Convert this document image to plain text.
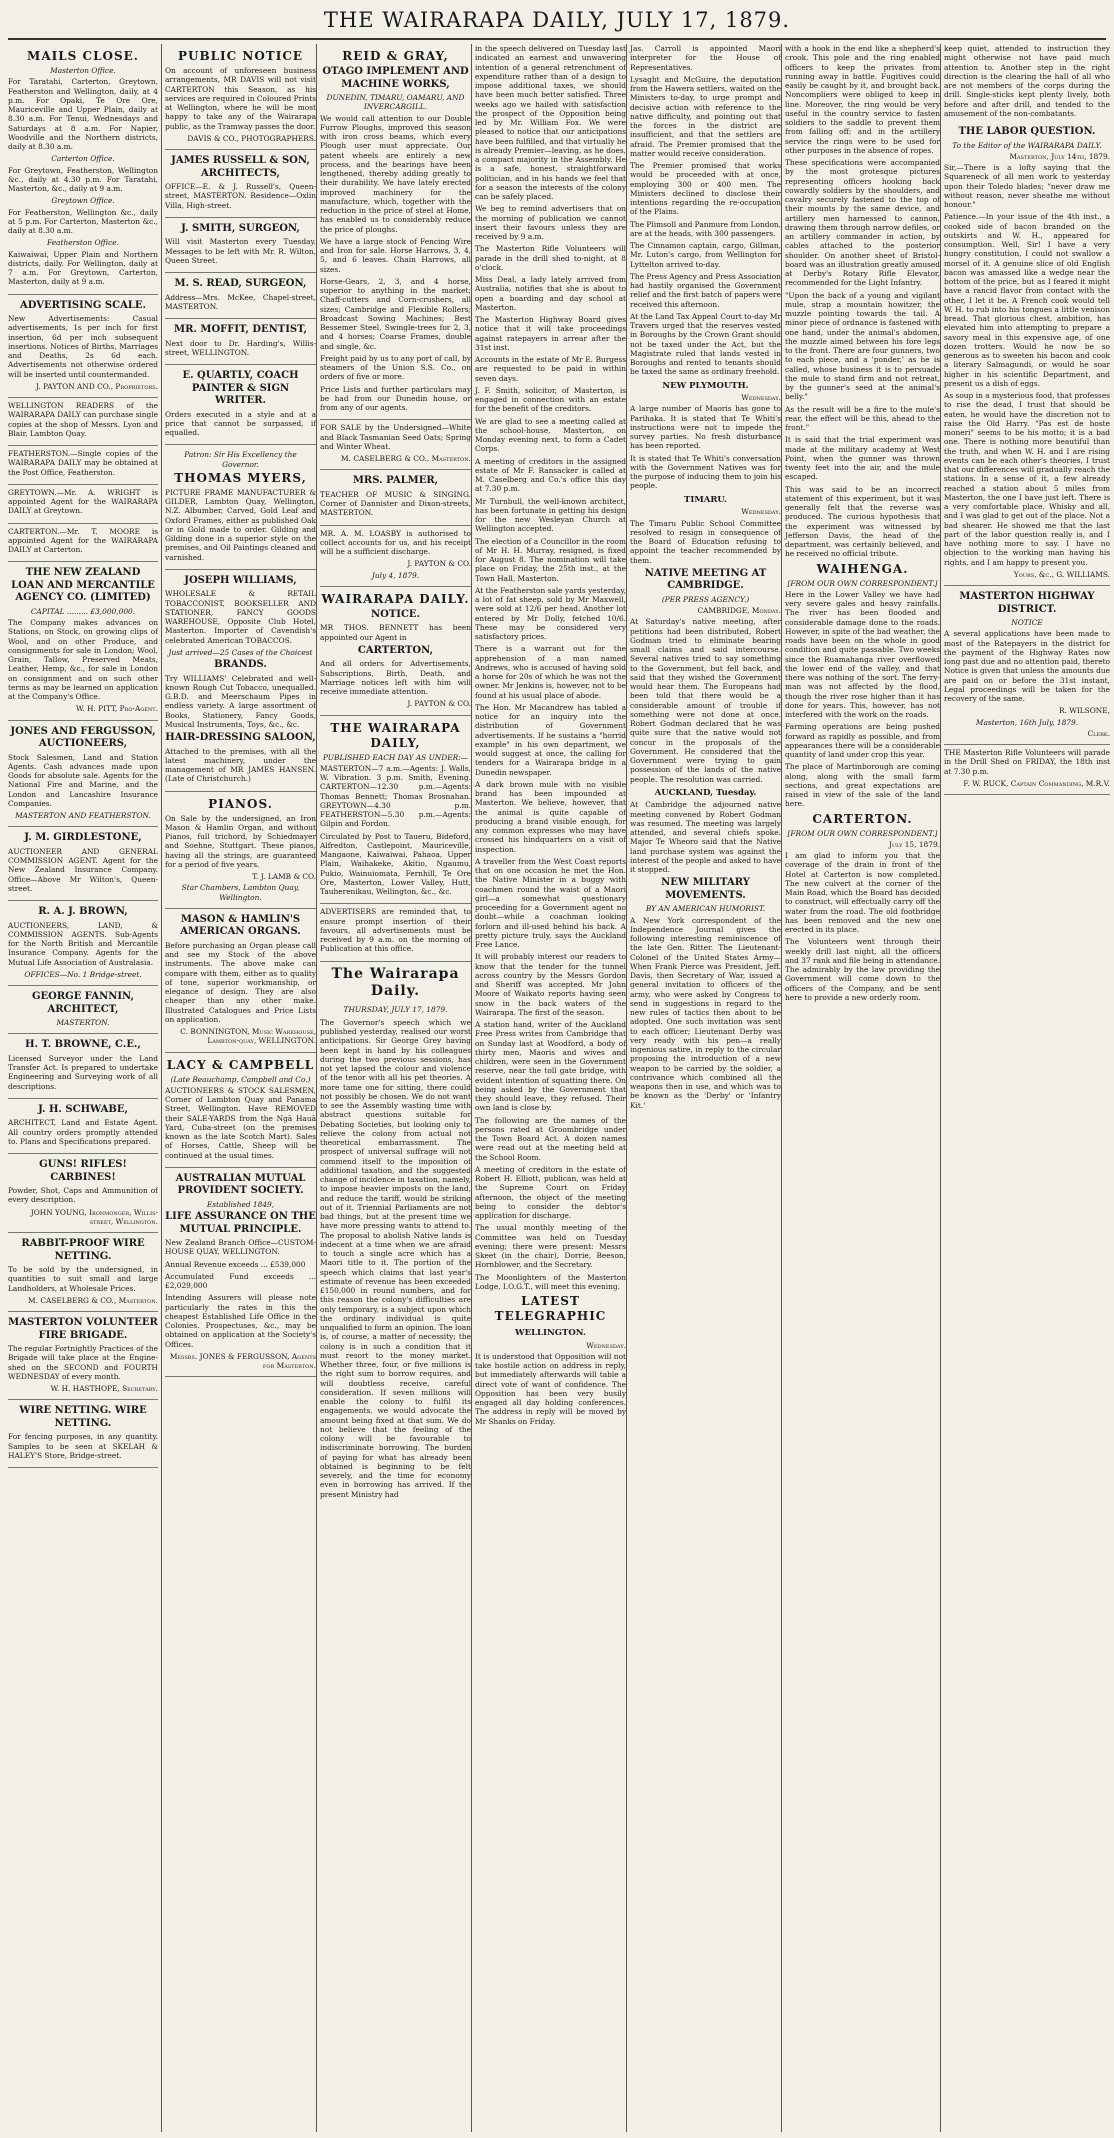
THE WAIRARAPA DAILY, JULY 17, 1879.
MAILS CLOSE.
Masterton Office.

For Taratahi, Carterton, Greytown, Featherston and Wellington, daily, at 4 p.m. For Opaki, Te Ore Ore, Mauriceville and Upper Plain, daily at 8.30 a.m. For Tenui, Wednesdays and Saturdays at 8 a.m. For Napier, Woodville and the Northern districts, daily at 8.30 a.m.

Carterton Office.

For Greytown, Featherston, Wellington &c., daily at 4.30 p.m. For Taratahi, Masterton, &c., daily at 9 a.m.

Greytown Office.

For Featherston, Wellington &c., daily at 5 p.m. For Carterton, Masterton &c., daily at 8.30 a.m.

Featherston Office.

Kaiwaiwai, Upper Plain and Northern districts, daily. For Wellington, daily at 7 a.m. For Greytown, Carterton, Masterton, daily at 9 a.m.

ADVERTISING SCALE.

New Advertisements: Casual advertisements, 1s per inch for first insertion, 6d per inch subsequent insertions. Notices of Births, Marriages and Deaths, 2s 6d each. Advertisements not otherwise ordered will be inserted until countermanded.

J. PAYTON AND CO., Proprietors.

WELLINGTON READERS of the WAIRARAPA DAILY can purchase single copies at the shop of Messrs. Lyon and Blair, Lambton Quay.

FEATHERSTON.—Single copies of the WAIRARAPA DAILY may be obtained at the Post Office, Featherston.

GREYTOWN.—Mr. A. WRIGHT is appointed Agent for the WAIRARAPA DAILY at Greytown.

CARTERTON.—Mr. T. MOORE is appointed Agent for the WAIRARAPA DAILY at Carterton.

THE NEW ZEALAND LOAN AND MERCANTILE AGENCY CO. (LIMITED)
CAPITAL ......... £3,000,000.

The Company makes advances on Stations, on Stock, on growing clips of Wool, and on other Produce, and consignments for sale in London; Wool, Grain, Tallow, Preserved Meats, Leather, Hemp, &c., for sale in London on consignment and on such other terms as may be learned on application at the Company's Office.

W. H. PITT, Pro-Agent.
JONES AND FERGUSSON, AUCTIONEERS,

Stock Salesmen, Land and Station Agents. Cash advances made upon Goods for absolute sale. Agents for the National Fire and Marine, and the London and Lancashire Insurance Companies.

MASTERTON AND FEATHERSTON.
J. M. GIRDLESTONE,

AUCTIONEER AND GENERAL COMMISSION AGENT. Agent for the New Zealand Insurance Company. Office—Above Mr Wilton's, Queen-street.

R. A. J. BROWN,

AUCTIONEERS, LAND, & COMMISSION AGENTS. Sub-Agents for the North British and Mercantile Insurance Company. Agents for the Mutual Life Association of Australasia.

OFFICES—No. 1 Bridge-street.
GEORGE FANNIN, ARCHITECT,
MASTERTON.
H. T. BROWNE, C.E.,

Licensed Surveyor under the Land Transfer Act. Is prepared to undertake Engineering and Surveying work of all descriptions.

J. H. SCHWABE,

ARCHITECT, Land and Estate Agent. All country orders promptly attended to. Plans and Specifications prepared.

GUNS! RIFLES! CARBINES!

Powder, Shot, Caps and Ammunition of every description.

JOHN YOUNG, Ironmonger, Willis-street, Wellington.
RABBIT-PROOF WIRE NETTING.

To be sold by the undersigned, in quantities to suit small and large Landholders, at Wholesale Prices.

M. CASELBERG & CO., Masterton.
MASTERTON VOLUNTEER FIRE BRIGADE.

The regular Fortnightly Practices of the Brigade will take place at the Engine-shed on the SECOND and FOURTH WEDNESDAY of every month.

W. H. HASTHOPE, Secretary.
WIRE NETTING. WIRE NETTING.

For fencing purposes, in any quantity. Samples to be seen at SKELAH & HALEY'S Store, Bridge-street.

PUBLIC NOTICE

On account of unforeseen business arrangements, MR DAVIS will not visit CARTERTON this Season, as his services are required in Coloured Prints at Wellington, where he will be most happy to take any of the Wairarapa public, as the Tramway passes the door.

DAVIS & CO., PHOTOGRAPHERS.
JAMES RUSSELL & SON, ARCHITECTS,

OFFICE—E. & J. Russell's, Queen-street, MASTERTON. Residence—Oxlin Villa, High-street.

J. SMITH, SURGEON,

Will visit Masterton every Tuesday. Messages to be left with Mr. R. Wilton, Queen Street.

M. S. READ, SURGEON,

Address—Mrs. McKee, Chapel-street, MASTERTON.

MR. MOFFIT, DENTIST,

Next door to Dr. Harding's, Willis-street, WELLINGTON.

E. QUARTLY, COACH PAINTER & SIGN WRITER.

Orders executed in a style and at a price that cannot be surpassed, if equalled.

Patron: Sir His Excellency the Governor.
THOMAS MYERS,

PICTURE FRAME MANUFACTURER & GILDER, Lambton Quay, Wellington, N.Z. Albumber, Carved, Gold Leaf and Oxford Frames, either as published Oak or in Gold made to order. Gilding and Gilding done in a superior style on the premises, and Oil Paintings cleaned and varnished.

JOSEPH WILLIAMS,

WHOLESALE & RETAIL TOBACCONIST, BOOKSELLER AND STATIONER, FANCY GOODS WAREHOUSE, Opposite Club Hotel, Masterton. Importer of Cavendish's celebrated American TOBACCOS.

Just arrived—25 Cases of the Choicest
BRANDS.

Try WILLIAMS' Celebrated and well-known Rough Cut Tobacco, unequalled. G.B.D. and Meerschaum Pipes in endless variety. A large assortment of Books, Stationery, Fancy Goods, Musical Instruments, Toys, &c., &c.

HAIR-DRESSING SALOON,

Attached to the premises, with all the latest machinery, under the management of MR JAMES HANSEN. (Late of Christchurch.)

PIANOS.

On Sale by the undersigned, an Iron Mason & Hamlin Organ, and without Pianos, full trichord, by Schiedmayer and Soehne, Stuttgart. These pianos, having all the strings, are guaranteed for a period of five years.

T. J. LAMB & CO.
Star Chambers, Lambton Quay, Wellington.
MASON & HAMLIN'S AMERICAN ORGANS.

Before purchasing an Organ please call and see my Stock of the above instruments. The above make can compare with them, either as to quality of tone, superior workmanship, or elegance of design. They are also cheaper than any other make. Illustrated Catalogues and Price Lists on application.

C. BONNINGTON, Music Warehouse, Lambton-quay, WELLINGTON.
LACY & CAMPBELL
(Late Beauchamp, Campbell and Co.)

AUCTIONEERS & STOCK SALESMEN, Corner of Lambton Quay and Panama Street, Wellington. Have REMOVED their SALE-YARDS from the Ngā Hauā Yard, Cuba-street (on the premises known as the late Scotch Mart). Sales of Horses, Cattle, Sheep will be continued at the usual times.

AUSTRALIAN MUTUAL PROVIDENT SOCIETY.
Established 1849,
LIFE ASSURANCE ON THE MUTUAL PRINCIPLE.

New Zealand Branch Office—CUSTOM-HOUSE QUAY, WELLINGTON.

Annual Revenue exceeds ... £539,000

Accumulated Fund exceeds ... £2,029,000

Intending Assurers will please note particularly the rates in this the cheapest Established Life Office in the Colonies. Prospectuses, &c., may be obtained on application at the Society's Offices.

Messrs. JONES & FERGUSSON, Agents for Masterton.
REID & GRAY,
OTAGO IMPLEMENT AND MACHINE WORKS,
DUNEDIN, TIMARU, OAMARU, AND INVERCARGILL.

We would call attention to our Double Furrow Ploughs, improved this season with iron cross beams, which every Plough user must appreciate. Our patent wheels are entirely a new process, and the bearings have been lengthened, thereby adding greatly to their durability. We have lately erected improved machinery for the manufacture, which, together with the reduction in the price of steel at Home, has enabled us to considerably reduce the price of ploughs.

We have a large stock of Fencing Wire and Iron for sale. Horse Harrows, 3, 4, 5, and 6 leaves. Chain Harrows, all sizes.

Horse-Gears, 2, 3, and 4 horse, superior to anything in the market; Chaff-cutters and Corn-crushers, all sizes; Cambridge and Flexible Rollers; Broadcast Sowing Machines; Best Bessemer Steel, Swingle-trees for 2, 3, and 4 horses; Coarse Frames, double and single, &c.

Freight paid by us to any port of call, by steamers of the Union S.S. Co., on orders of five or more.

Price Lists and further particulars may be had from our Dunedin house, or from any of our agents.

FOR SALE by the Undersigned—White and Black Tasmanian Seed Oats; Spring and Winter Wheat.

M. CASELBERG & CO., Masterton.
MRS. PALMER,

TEACHER OF MUSIC & SINGING. Corner of Dannister and Dixon-streets, MASTERTON.

MR. A. M. LOASBY is authorised to collect accounts for us, and his receipt will be a sufficient discharge.

J. PAYTON & CO.
July 4, 1879.
WAIRARAPA DAILY.
NOTICE.

MR THOS. BENNETT has been appointed our Agent in

CARTERTON,

And all orders for Advertisements, Subscriptions, Birth, Death, and Marriage notices left with him will receive immediate attention.

J. PAYTON & CO.
THE WAIRARAPA DAILY,
PUBLISHED EACH DAY AS UNDER:—

MASTERTON—7 a.m.—Agents: J. Walls, W. Vibration. 3 p.m. Smith, Evening. CARTERTON—12.30 p.m.—Agents: Thomas Bennett; Thomas Brosnahan. GREYTOWN—4.30 p.m. FEATHERSTON—5.30 p.m.—Agents: Gilpin and Fordon.

Circulated by Post to Taueru, Bideford, Alfredton, Castlepoint, Mauriceville, Mangaone, Kaiwaiwai, Pahaoa, Upper Plain, Waihakeke, Akitio, Ngaumu, Pukio, Wainuiomata, Fernhill, Te Ore Ore, Masterton, Lower Valley, Hutt, Tauherenikau, Wellington, &c., &c.

ADVERTISERS are reminded that, to ensure prompt insertion of their favours, all advertisements must be received by 9 a.m. on the morning of Publication at this office.

The Wairarapa Daily.
THURSDAY, JULY 17, 1879.

The Governor's speech which we published yesterday, realised our worst anticipations. Sir George Grey having been kept in hand by his colleagues during the two previous sessions, has not yet lapsed the colour and violence of the tenor with all his pet theories. A more tame one for sitting, there could not possibly be chosen. We do not want to see the Assembly wasting time with abstract questions suitable for Debating Societies, but looking only to relieve the colony from actual not theoretical embarrassment. The prospect of universal suffrage will not commend itself to the imposition of additional taxation, and the suggested change of incidence in taxation, namely, to impose heavier imposts on the land, and reduce the tariff, would be striking out of it. Triennial Parliaments are not bad things, but at the present time we have more pressing wants to attend to. The proposal to abolish Native lands is indecent at a time when we are afraid to touch a single acre which has a Maori title to it. The portion of the speech which claims that last year's estimate of revenue has been exceeded £150,000 in round numbers, and for this reason the colony's difficulties are only temporary, is a subject upon which the ordinary individual is quite unqualified to form an opinion. The loan is, of course, a matter of necessity; the colony is in such a condition that it must resort to the money market. Whether three, four, or five millions is the right sum to borrow requires, and will doubtless receive, careful consideration. If seven millions will enable the colony to fulfil its engagements, we would advocate the amount being fixed at that sum. We do not believe that the feeling of the colony will be favourable to indiscriminate borrowing. The burden of paying for what has already been obtained is beginning to be felt severely, and the time for economy even in borrowing has arrived. If the present Ministry had

in the speech delivered on Tuesday last indicated an earnest and unwavering intention of a general retrenchment of expenditure rather than of a design to impose additional taxes, we should have been much better satisfied. Three weeks ago we hailed with satisfaction the prospect of the Opposition being led by Mr. William Fox. We were pleased to notice that our anticipations have been fulfilled, and that virtually he is already Premier—leaving, as he does, a compact majority in the Assembly. He is a safe, honest, straightforward politician, and in his hands we feel that for a season the interests of the colony can be safely placed.

We beg to remind advertisers that on the morning of publication we cannot insert their favours unless they are received by 9 a.m.

The Masterton Rifle Volunteers will parade in the drill shed to-night, at 8 o'clock.

Miss Deal, a lady lately arrived from Australia, notifies that she is about to open a boarding and day school at Masterton.

The Masterton Highway Board gives notice that it will take proceedings against ratepayers in arrear after the 31st inst.

Accounts in the estate of Mr E. Burgess are requested to be paid in within seven days.

J. F. Smith, solicitor, of Masterton, is engaged in connection with an estate for the benefit of the creditors.

We are glad to see a meeting called at the school-house, Masterton, on Monday evening next, to form a Cadet Corps.

A meeting of creditors in the assigned estate of Mr F. Ransacker is called at M. Caselberg and Co.'s office this day at 7.30 p.m.

Mr Turnbull, the well-known architect, has been fortunate in getting his design for the new Wesleyan Church at Wellington accepted.

The election of a Councillor in the room of Mr H. H. Murray, resigned, is fixed for August 8. The nomination will take place on Friday, the 25th inst., at the Town Hall, Masterton.

At the Featherston sale yards yesterday, a lot of fat sheep, sold by Mr Maxwell, were sold at 12/6 per head. Another lot entered by Mr Dolly, fetched 10/6. These may be considered very satisfactory prices.

There is a warrant out for the apprehension of a man named Andrews, who is accused of having sold a horse for 20s of which he was not the owner. Mr Jenkins is, however, not to be found at his usual place of abode.

The Hon. Mr Macandrew has tabled a notice for an inquiry into the distribution of Government advertisements. If he sustains a "horrid example" in his own department, we would suggest at once, the calling for tenders for a Wairarapa bridge in a Dunedin newspaper.

A dark brown mule with no visible brand has been impounded at Masterton. We believe, however, that the animal is quite capable of producing a brand visible enough, for any common expresses who may have crossed his hindquarters on a visit of inspection.

A traveller from the West Coast reports that on one occasion he met the Hon. the Native Minister in a buggy with coachmen round the waist of a Maori girl—a somewhat questionary proceeding for a Government agent no doubt—while a coachman looking forlorn and ill-used behind his back. A pretty picture truly, says the Auckland Free Lance.

It will probably interest our readers to know that the tender for the tunnel across country by the Messrs Gordon and Sheriff was accepted. Mr John Moore of Waikato reports having seen snow in the back waters of the Wairarapa. The first of the season.

A station hand, writer of the Auckland Free Press writes from Cambridge that on Sunday last at Woodford, a body of thirty men, Maoris and wives and children, were seen in the Government reserve, near the toll gate bridge, with evident intention of squatting there. On being asked by the Government that they should leave, they refused. Their own land is close by.

The following are the names of the persons rated at Groombridge under the Town Board Act. A dozen names were read out at the meeting held at the School Room.

A meeting of creditors in the estate of Robert H. Elliott, publican, was held at the Supreme Court on Friday afternoon, the object of the meeting being to consider the debtor's application for discharge.

The usual monthly meeting of the Committee was held on Tuesday evening; there were present: Messrs Skeet (in the chair), Dorrie, Beeson, Hornblower, and the Secretary.

The Moonlighters of the Masterton Lodge, I.O.G.T., will meet this evening.

LATEST TELEGRAPHIC
WELLINGTON.
Wednesday.

It is understood that Opposition will not take hostile action on address in reply, but immediately afterwards will table a direct vote of want of confidence. The Opposition has been very busily engaged all day holding conferences. The address in reply will be moved by Mr Shanks on Friday.

Jas. Carroll is appointed Maori interpreter for the House of Representatives.

Lysaght and McGuire, the deputation from the Hawera settlers, waited on the Ministers to-day, to urge prompt and decisive action with reference to the native difficulty, and pointing out that the forces in the district are insufficient, and that the settlers are afraid. The Premier promised that the matter would receive consideration.

The Premier promised that works would be proceeded with at once, employing 300 or 400 men. The Ministers declined to disclose their intentions regarding the re-occupation of the Plains.

The Plimsoll and Panmure from London, are at the heads, with 300 passengers.

The Cinnamon captain, cargo, Gillman, Mr. Luton's cargo, from Wellington for Lyttelton arrived to-day.

The Press Agency and Press Association had hastily organised the Government relief and the first batch of papers were received this afternoon.

At the Land Tax Appeal Court to-day Mr Travers urged that the reserves vested in Boroughs by the Crown Grant should not be taxed under the Act, but the Magistrate ruled that lands vested in Boroughs and rented to tenants should be taxed the same as ordinary freehold.

NEW PLYMOUTH.
Wednesday.

A large number of Maoris has gone to Parihaka. It is stated that Te Whiti's instructions were not to impede the survey parties. No fresh disturbance has been reported.

It is stated that Te Whiti's conversation with the Government Natives was for the purpose of inducing them to join his people.

TIMARU.
Wednesday.

The Timaru Public School Committee resolved to resign in consequence of the Board of Education refusing to appoint the teacher recommended by them.

NATIVE MEETING AT CAMBRIDGE.
(PER PRESS AGENCY.)
CAMBRIDGE, Monday.

At Saturday's native meeting, after petitions had been distributed, Robert Godman tried to eliminate bearing small claims and said intercourse. Several natives tried to say something to the Government, but fell back, and said that they wished the Government would hear them. The Europeans had been told that there would be a considerable amount of trouble if something were not done at once. Robert Godman declared that he was quite sure that the native would not concur in the proposals of the Government. He considered that the Government were trying to gain possession of the lands of the native people. The resolution was carried.

AUCKLAND, Tuesday.

At Cambridge the adjourned native meeting convened by Robert Godman was resumed. The meeting was largely attended, and several chiefs spoke. Major Te Wheoro said that the Native land purchase system was against the interest of the people and asked to have it stopped.

NEW MILITARY MOVEMENTS.
BY AN AMERICAN HUMORIST.

A New York correspondent of the Independence Journal gives the following interesting reminiscence of the late Gen. Ritter. The Lieutenant-Colonel of the United States Army—When Frank Pierce was President, Jeff. Davis, then Secretary of War, issued a general invitation to officers of the army, who were asked by Congress to send in suggestions in regard to the new rules of tactics then about to be adopted. One such invitation was sent to each officer; Lieutenant Derby was very ready with his pen—a really ingenious satire, in reply to the circular proposing the introduction of a new weapon to be carried by the soldier, a contrivance which combined all the weapons then in use, and which was to be known as the 'Derby' or 'Infantry Kit.'

with a hook in the end like a shepherd's crook. This pole and the ring enabled officers to keep the privates from running away in battle. Fugitives could easily be caught by it, and brought back. Noncompliers were obliged to keep in line. Moreover, the ring would be very useful in the country service to fasten soldiers to the saddle to prevent them from falling off; and in the artillery service the rings were to be used for other purposes in the absence of ropes.

These specifications were accompanied by the most grotesque pictures representing officers hooking back cowardly soldiers by the shoulders, and cavalry securely fastened to the top of their mounts by the same device, and artillery men harnessed to cannon, drawing them through narrow defiles, or an artillery commander in action, by cables attached to the posterior shoulder. On another sheet of Bristol-board was an illustration greatly amused at Derby's Rotary Rifle Elevator, recommended for the Light Infantry.

"Upon the back of a young and vigilant mule, strap a mountain howitzer, the muzzle pointing towards the tail. A minor piece of ordnance is fastened with one hand, under the animal's abdomen, the muzzle aimed between his fore legs to the front. There are four gunners, two to each piece, and a 'ponder,' as he is called, whose business it is to persuade the mule to stand firm and not retreat, by the gunner's seed at the animal's belly."

As the result will be a fire to the mule's rear, the effect will be this, ahead to the front."

It is said that the trial experiment was made at the military academy at West Point, when the gunner was thrown twenty feet into the air, and the mule escaped.

This was said to be an incorrect statement of this experiment, but it was generally felt that the reverse was produced. The curious hypothesis that the experiment was witnessed by Jefferson Davis, the head of the department, was certainly believed, and he received no official tribute.

WAIHENGA.
[FROM OUR OWN CORRESPONDENT.]

Here in the Lower Valley we have had very severe gales and heavy rainfalls. The river has been flooded and considerable damage done to the roads. However, in spite of the bad weather, the roads have been on the whole in good condition and quite passable. Two weeks since the Ruamahanga river overflowed the lower end of the valley, and that there was nothing of the sort. The ferry-man was not affected by the flood, though the river rose higher than it has done for years. This, however, has not interfered with the work on the roads.

Farming operations are being pushed forward as rapidly as possible, and from appearances there will be a considerable quantity of land under crop this year.

The place of Martinborough are coming along, along with the small farm sections, and great expectations are raised in view of the sale of the land here.

CARTERTON.
[FROM OUR OWN CORRESPONDENT.]
July 15, 1879.

I am glad to inform you that the coverage of the drain in front of the Hotel at Carterton is now completed. The new culvert at the corner of the Main Road, which the Board has decided to construct, will effectually carry off the water from the road. The old footbridge has been removed and the new one erected in its place.

The Volunteers went through their weekly drill last night, all the officers and 37 rank and file being in attendance. The admirably by the law providing the Government will come down to the officers of the Company, and be sent here to provide a new orderly room.

keep quiet, attended to instruction they might otherwise not have paid much attention to. Another step in the right direction is the clearing the hall of all who are not members of the corps during the drill. Single-sticks kept plenty lively, both before and after drill, and tended to the amusement of the non-combatants.

THE LABOR QUESTION.
To the Editor of the WAIRARAPA DAILY.
Masterton, July 14th, 1879.

Sir,—There is a lofty saying that the Squareneck of all men work to yesterday upon their Toledo blades; "never draw me without reason, never sheathe me without honour."

Patience.—In your issue of the 4th inst., a cooked side of bacon branded on the outskirts and W. H., appeared for consumption. Well, Sir! I have a very hungry constitution, I could not swallow a morsel of it. A genuine slice of old English bacon was amassed like a wedge near the bottom of the price, but as I feared it might have a rancid flavor from contact with the other, I let it be. A French cook would tell W. H. to rub into his tongues a little venison bread. That glorious chest, ambition, has elevated him into attempting to prepare a savory meal in this expensive age, of one dozen trotters. Would he now be so generous as to sweeten his bacon and cook a literary Salmagundi, or would he soar higher in his scientific Department, and present us a dish of eggs.

As soup in a mysterious food, that professes to rise the dead, I trust that should be eaten, he would have the discretion not to raise the Old Harry. "Pas est de hoste moneri" seems to be his motto; it is a bad one. There is nothing more beautiful than the truth, and when W. H. and I are rising events can be each other's theories, I trust that our differences will gradually reach the stations. In a sense of it, a few already reached a station about 5 miles from Masterton, the one I have just left. There is a very comfortable place. Whisky and all, and I was glad to get out of the place. Not a bad shearer. He showed me that the last part of the labor question really is, and I have nothing more to say. I have no objection to the working man having his rights, and I am happy to present you.

Yours, &c., G. WILLIAMS.
MASTERTON HIGHWAY DISTRICT.
NOTICE

A several applications have been made to most of the Ratepayers in the district for the payment of the Highway Rates now long past due and no attention paid, thereto Notice is given that unless the amounts due are paid on or before the 31st instant, Legal proceedings will be taken for the recovery of the same.

R. WILSONE,
Masterton, 16th July, 1879.
Clerk.

THE Masterton Rifle Volunteers will parade in the Drill Shed on FRIDAY, the 18th inst at 7.30 p.m.

F. W. RUCK, Captain Commanding, M.R.V.
